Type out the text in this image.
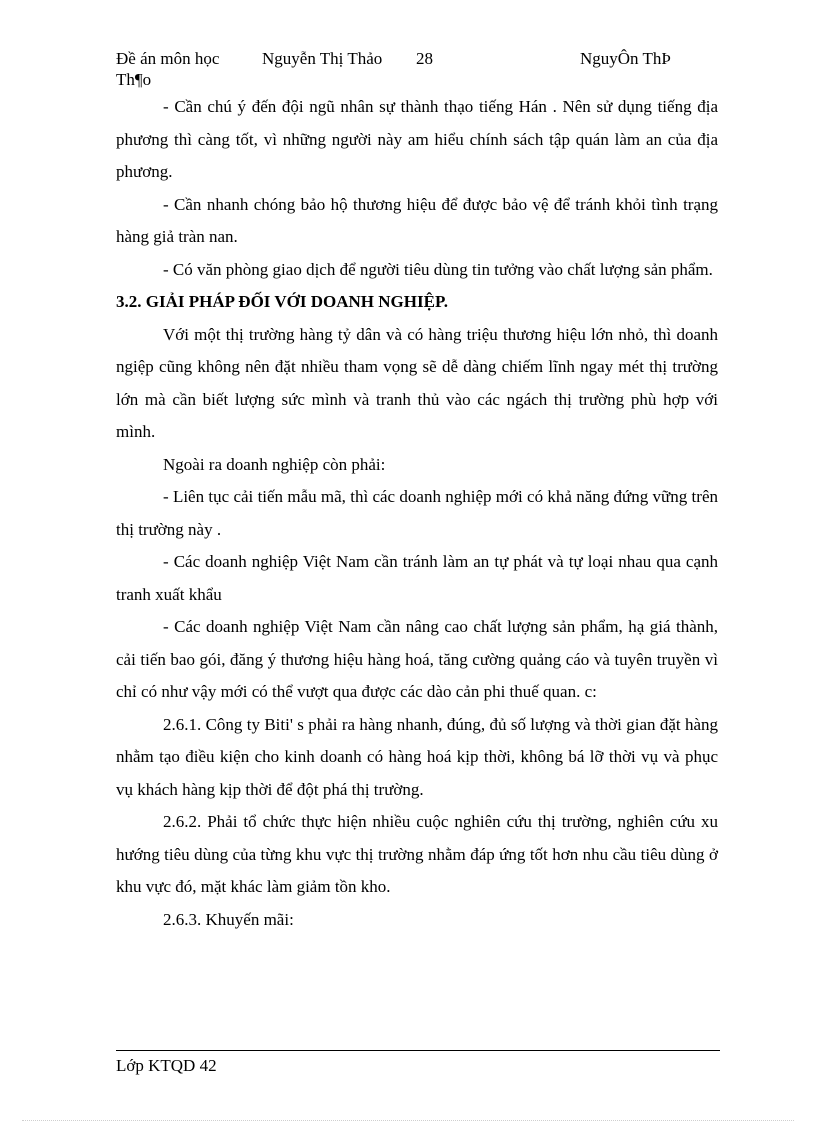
Đề án môn học	Nguyễn Thị Thảo 28	NguyÔn ThÞ
Th¶o

- Cần chú ý đến đội ngũ nhân sự thành thạo tiếng Hán . Nên sử dụng tiếng địa phương thì càng tốt, vì những người này am hiểu chính sách tập quán làm an của địa phương.

- Cần nhanh chóng bảo hộ thương hiệu để được bảo vệ để tránh khỏi tình trạng hàng giả tràn nan.

- Có văn phòng giao dịch để người tiêu dùng tin tưởng vào chất lượng sản phẩm.

3.2. GIẢI PHÁP ĐỐI VỚI DOANH NGHIỆP.

Với một thị trường hàng tỷ dân và có hàng triệu thương hiệu lớn nhỏ, thì doanh ngiệp cũng không nên đặt nhiều tham vọng sẽ dễ dàng chiếm lĩnh ngay mét thị trường lớn mà cần biết lượng sức mình và tranh thủ vào các ngách thị trường phù hợp với mình.

Ngoài ra doanh nghiệp còn phải:

- Liên tục cải tiến mẫu mã, thì các doanh nghiệp mới có khả năng đứng vững trên thị trường này .

- Các doanh nghiệp Việt Nam cần tránh làm an tự phát và tự loại nhau qua cạnh tranh xuất khẩu

- Các doanh nghiệp Việt Nam cần nâng cao chất lượng sản phẩm, hạ giá thành, cải tiến bao gói, đăng ý thương hiệu hàng hoá, tăng cường quảng cáo và tuyên truyền vì chỉ có như vậy mới có thể vượt qua được các dào cản phi thuế quan. c:

2.6.1. Công ty Biti' s phải ra hàng nhanh, đúng, đủ số lượng và thời gian đặt hàng nhằm tạo điều kiện cho kinh doanh có hàng hoá kịp thời, không bá lỡ thời vụ và phục vụ khách hàng kịp thời để đột phá thị trường.

2.6.2. Phải tổ chức thực hiện nhiều cuộc nghiên cứu thị trường, nghiên cứu xu hướng tiêu dùng của từng khu vực thị trường nhằm đáp ứng tốt hơn nhu cầu tiêu dùng ở khu vực đó, mặt khác làm giảm tồn kho.

2.6.3. Khuyến mãi:

Lớp KTQD 42
